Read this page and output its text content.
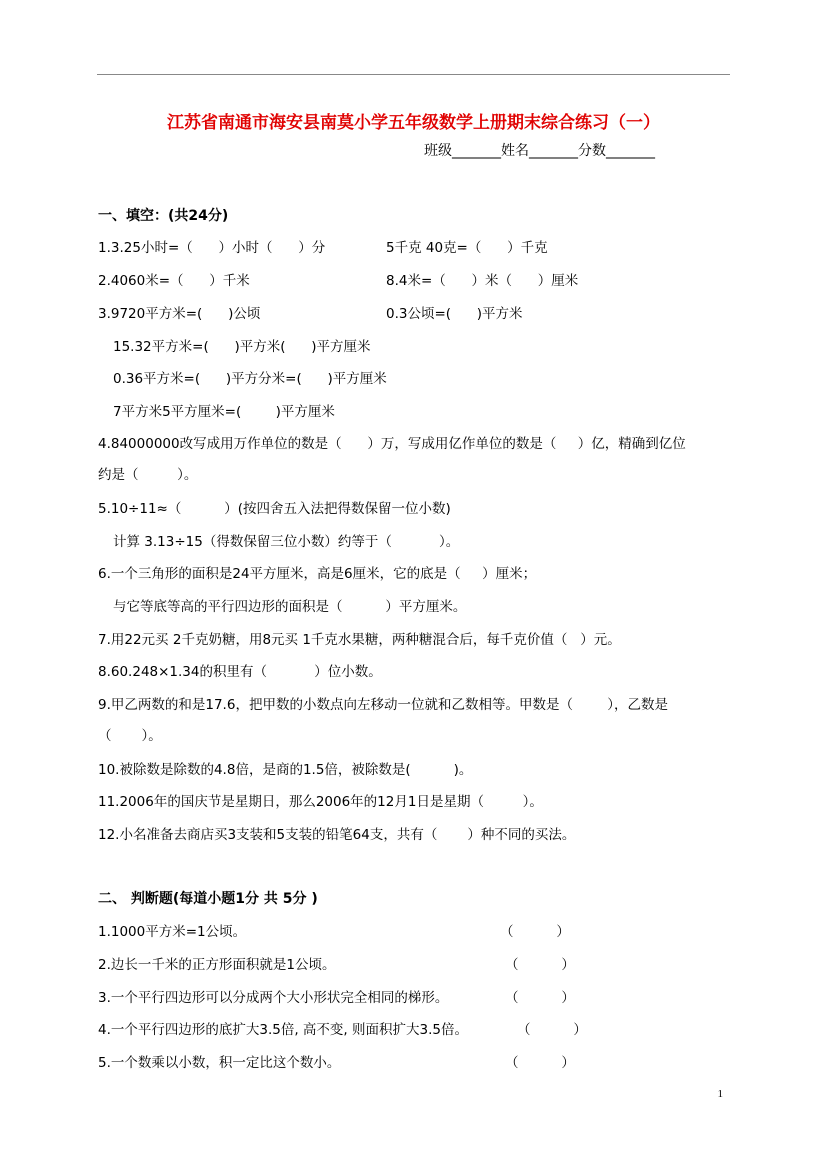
江苏省南通市海安县南莫小学五年级数学上册期末综合练习（一）
班级_______姓名_______分数_______
一、填空：(共24分)
1.3.25小时=（      ）小时（      ）分	5千克 40克=（      ）千克
2.4060米=（      ）千米	8.4米=（      ）米（      ）厘米
3.9720平方米=(      )公顷	0.3公顷=(      )平方米
15.32平方米=(      )平方米(      )平方厘米
0.36平方米=(      )平方分米=(      )平方厘米
7平方米5平方厘米=(        )平方厘米
4.84000000改写成用万作单位的数是（      ）万，写成用亿作单位的数是（     ）亿，精确到亿位
约是（         ）。
5.10÷11≈（          ）(按四舍五入法把得数保留一位小数)
计算 3.13÷15（得数保留三位小数）约等于（           ）。
6.一个三角形的面积是24平方厘米，高是6厘米，它的底是（     ）厘米；
与它等底等高的平行四边形的面积是（          ）平方厘米。
7.用22元买 2千克奶糖，用8元买 1千克水果糖，两种糖混合后，每千克价值（   ）元。
8.60.248×1.34的积里有（           ）位小数。
9.甲乙两数的和是17.6，把甲数的小数点向左移动一位就和乙数相等。甲数是（        ），乙数是
（       ）。
10.被除数是除数的4.8倍，是商的1.5倍，被除数是(          )。
11.2006年的国庆节是星期日，那么2006年的12月1日是星期（         ）。
12.小名准备去商店买3支装和5支装的铅笔64支，共有（       ）种不同的买法。
二、 判断题(每道小题1分 共 5分 )
1.1000平方米=1公顷。	（          ）
2.边长一千米的正方形面积就是1公顷。	（          ）
3.一个平行四边形可以分成两个大小形状完全相同的梯形。	（          ）
4.一个平行四边形的底扩大3.5倍, 高不变, 则面积扩大3.5倍。	（          ）
5.一个数乘以小数，积一定比这个数小。	（          ）
1
